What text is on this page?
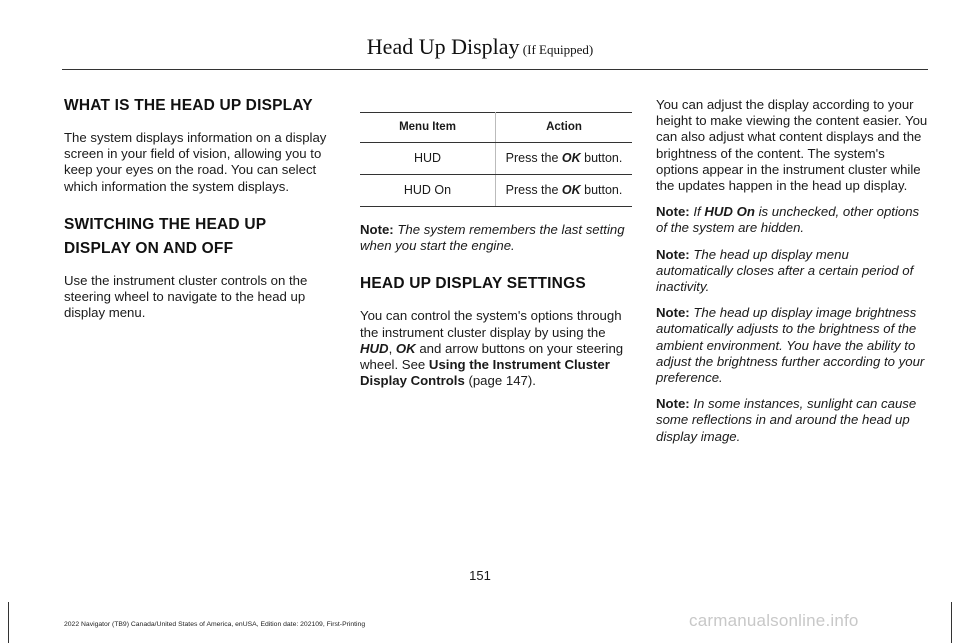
Head Up Display (If Equipped)
WHAT IS THE HEAD UP DISPLAY

The system displays information on a display screen in your field of vision, allowing you to keep your eyes on the road. You can select which information the system displays.

SWITCHING THE HEAD UP
DISPLAY ON AND OFF

Use the instrument cluster controls on the steering wheel to navigate to the head up display menu.

Menu Item	Action
HUD	Press the OK button.
HUD On	Press the OK button.

Note: The system remembers the last setting when you start the engine.

HEAD UP DISPLAY SETTINGS

You can control the system's options through the instrument cluster display by using the HUD, OK and arrow buttons on your steering wheel. See Using the Instrument Cluster Display Controls (page 147).

You can adjust the display according to your height to make viewing the content easier. You can also adjust what content displays and the brightness of the content. The system's options appear in the instrument cluster while the updates happen in the head up display.

Note: If HUD On is unchecked, other options of the system are hidden.

Note: The head up display menu automatically closes after a certain period of inactivity.

Note: The head up display image brightness automatically adjusts to the brightness of the ambient environment. You have the ability to adjust the brightness further according to your preference.

Note: In some instances, sunlight can cause some reflections in and around the head up display image.

151
2022 Navigator (TB9) Canada/United States of America, enUSA, Edition date: 202109, First-Printing	carmanualsonline.info
